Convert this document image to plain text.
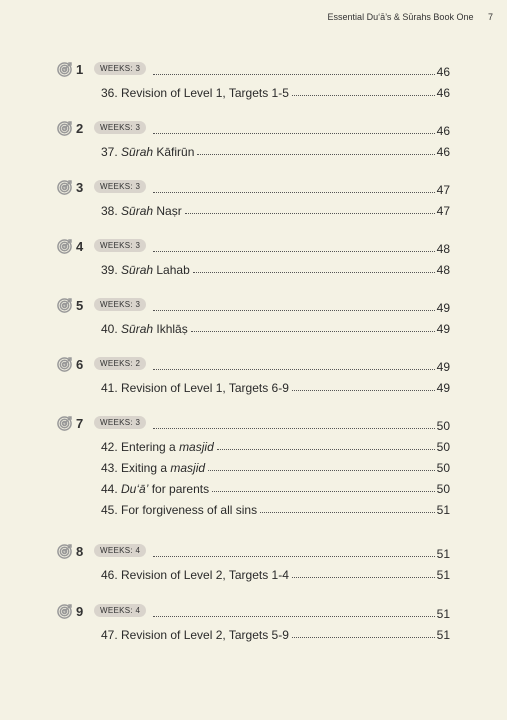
Essential Du‘ā’s & Sūrahs Book One 7
1	WEEKS: 3	46
36. Revision of Level 1, Targets 1-5	46
2	WEEKS: 3	46
37. Sūrah Kāfirūn	46
3	WEEKS: 3	47
38. Sūrah Naṣr	47
4	WEEKS: 3	48
39. Sūrah Lahab	48
5	WEEKS: 3	49
40. Sūrah Ikhlāṣ	49
6	WEEKS: 2	49
41. Revision of Level 1, Targets 6-9	49
7	WEEKS: 3	50
42. Entering a masjid	50
43. Exiting a masjid	50
44. Du‘ā’ for parents	50
45. For forgiveness of all sins	51
8	WEEKS: 4	51
46. Revision of Level 2, Targets 1-4	51
9	WEEKS: 4	51
47. Revision of Level 2, Targets 5-9	51
